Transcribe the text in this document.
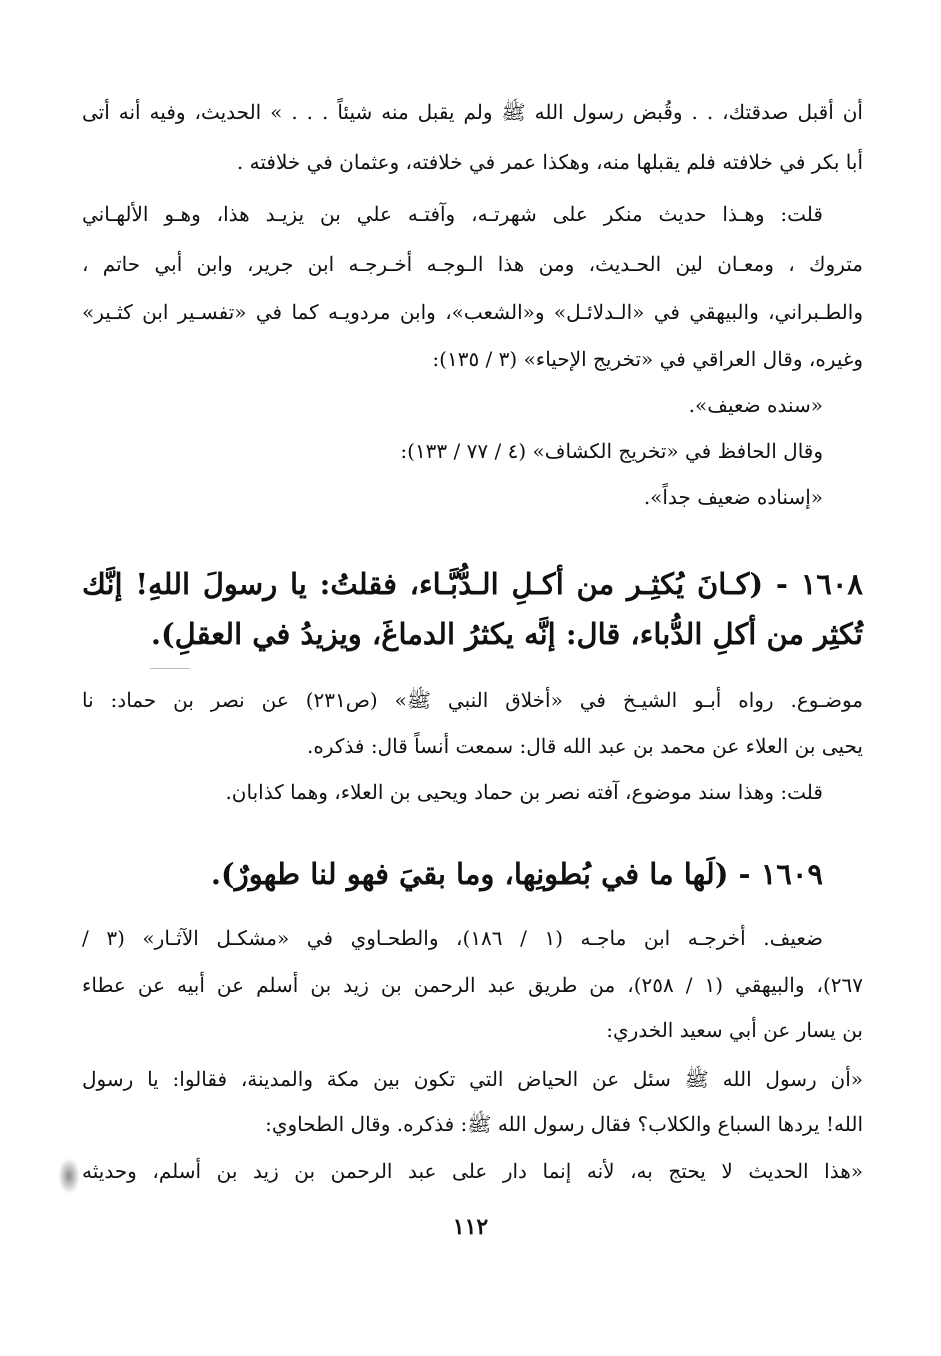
أن أقبل صدقتك، . . وقُبض رسول الله ﷺ ولم يقبل منه شيئاً . . . » الحديث، وفيه أنه أتى
أبا بكر في خلافته فلم يقبلها منه، وهكذا عمر في خلافته، وعثمان في خلافته .
قلت: وهـذا حديث منكر على شهرتـه، وآفتـه علي بن يزيـد هذا، وهـو الألهـاني
متروك ، ومعـان لين الحـديث، ومن هذا الـوجـه أخـرجـه ابن جرير، وابن أبي حاتم ،
والطـبراني، والبيهقي في «الـدلائـل» و«الشعب»، وابن مردويـه كما في «تفسـير ابن كثـير»
وغيره، وقال العراقي في «تخريج الإحياء» (٣ / ١٣٥):
«سنده ضعيف».
وقال الحافظ في «تخريج الكشاف» (٤ / ٧٧ / ١٣٣):
«إسناده ضعيف جداً».
١٦٠٨ - (كـانَ يُكثِـر من أكـلِ الـدُّبَّـاء، فقلتُ: يا رسولَ اللهِ! إنَّك
تُكثِر من أكلِ الدُّباء، قال: إنَّه يكثرُ الدماغَ، ويزيدُ في العقلِ).
موضـوع. رواه أبـو الشيـخ في «أخلاق النبي ﷺ» (ص٢٣١) عن نصر بن حماد: نا
يحيى بن العلاء عن محمد بن عبد الله قال: سمعت أنساً قال: فذكره.
قلت: وهذا سند موضوع، آفته نصر بن حماد ويحيى بن العلاء، وهما كذابان.
١٦٠٩ - (لَها ما في بُطونِها، وما بقيَ فهو لنا طهورٌ).
ضعيف. أخرجـه ابن ماجـه (١ / ١٨٦)، والطحـاوي في «مشكـل الآثـار» (٣ /
٢٦٧)، والبيهقي (١ / ٢٥٨)، من طريق عبد الرحمن بن زيد بن أسلم عن أبيه عن عطاء
بن يسار عن أبي سعيد الخدري:
«أن رسول الله ﷺ سئل عن الحياض التي تكون بين مكة والمدينة، فقالوا: يا رسول
الله! يردها السباع والكلاب؟ فقال رسول الله ﷺ: فذكره. وقال الطحاوي:
«هذا الحديث لا يحتج به، لأنه إنما دار على عبد الرحمن بن زيد بن أسلم، وحديثه
١١٢
